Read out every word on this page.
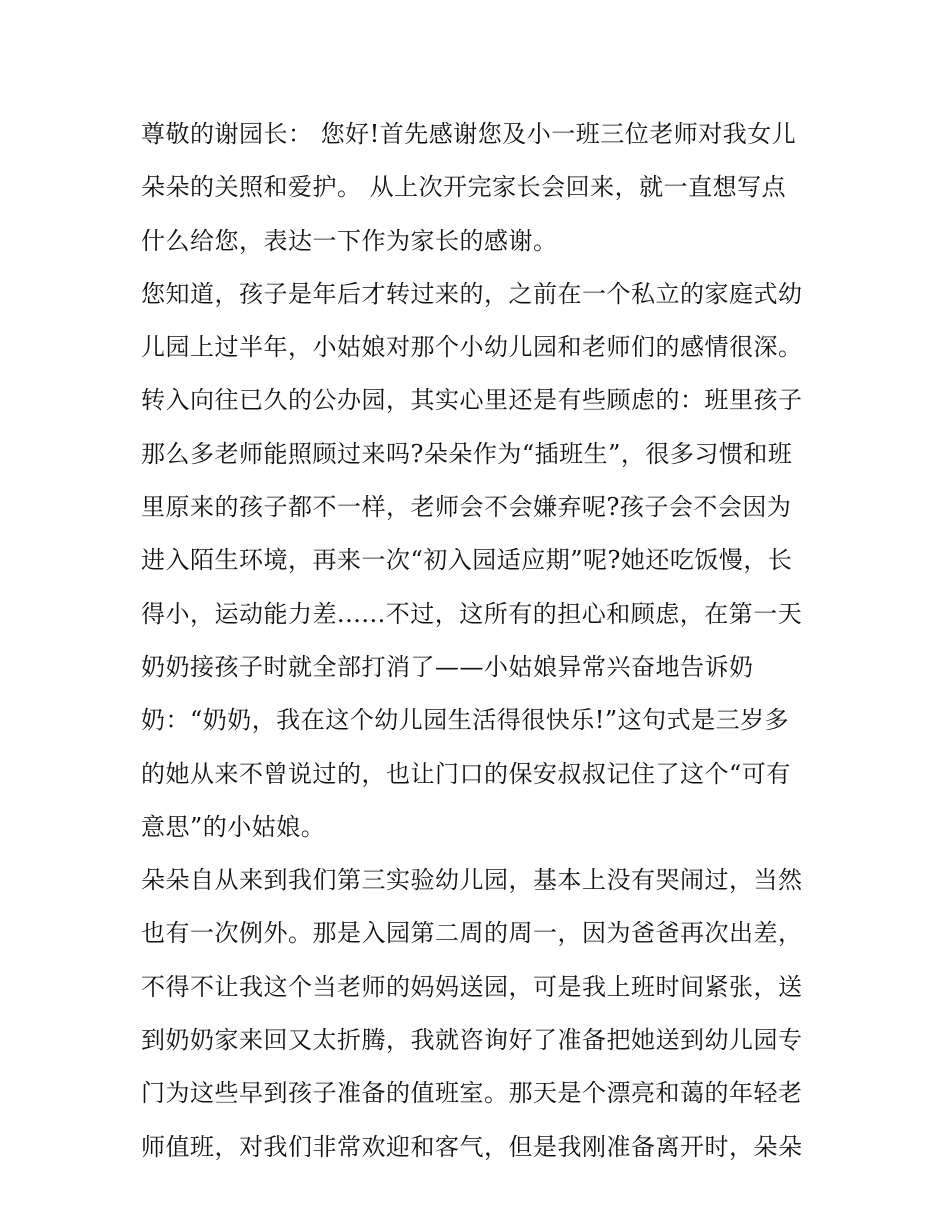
尊敬的谢园长： 您好!首先感谢您及小一班三位老师对我女儿
朵朵的关照和爱护。 从上次开完家长会回来，就一直想写点
什么给您，表达一下作为家长的感谢。
您知道，孩子是年后才转过来的，之前在一个私立的家庭式幼
儿园上过半年，小姑娘对那个小幼儿园和老师们的感情很深。
转入向往已久的公办园，其实心里还是有些顾虑的：班里孩子
那么多老师能照顾过来吗?朵朵作为“插班生”，很多习惯和班
里原来的孩子都不一样，老师会不会嫌弃呢?孩子会不会因为
进入陌生环境，再来一次“初入园适应期”呢?她还吃饭慢，长
得小，运动能力差......不过，这所有的担心和顾虑，在第一天
奶奶接孩子时就全部打消了——小姑娘异常兴奋地告诉奶
奶：“奶奶，我在这个幼儿园生活得很快乐!”这句式是三岁多
的她从来不曾说过的，也让门口的保安叔叔记住了这个“可有
意思”的小姑娘。
朵朵自从来到我们第三实验幼儿园，基本上没有哭闹过，当然
也有一次例外。那是入园第二周的周一，因为爸爸再次出差，
不得不让我这个当老师的妈妈送园，可是我上班时间紧张，送
到奶奶家来回又太折腾，我就咨询好了准备把她送到幼儿园专
门为这些早到孩子准备的值班室。那天是个漂亮和蔼的年轻老
师值班，对我们非常欢迎和客气，但是我刚准备离开时，朵朵
